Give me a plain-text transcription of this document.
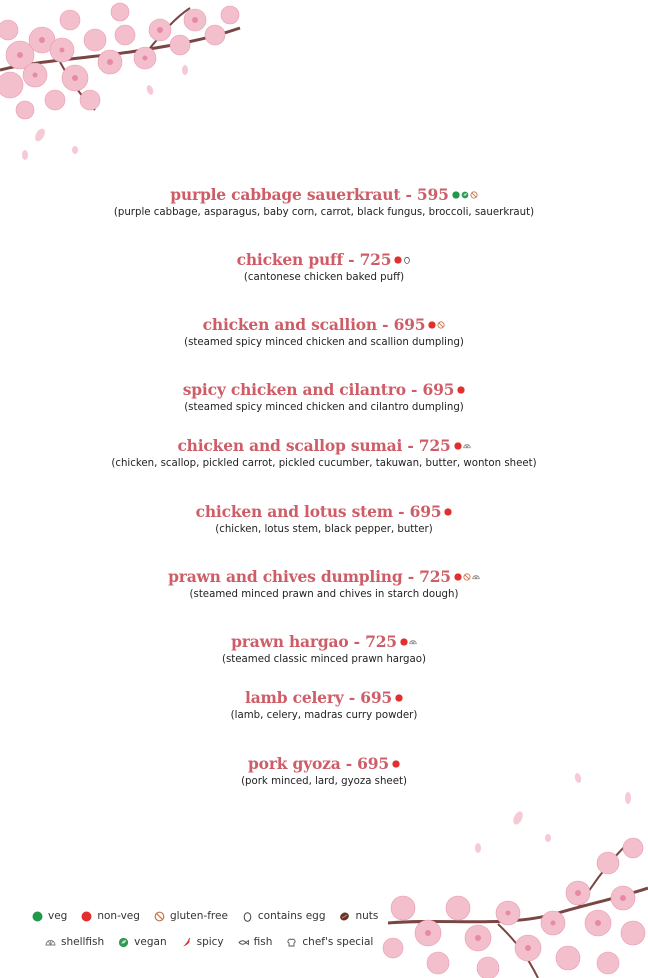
purple cabbage sauerkraut - 595
(purple cabbage, asparagus, baby corn, carrot, black fungus, broccoli, sauerkraut)
chicken puff - 725
(cantonese chicken baked puff)
chicken and scallion - 695
(steamed spicy minced chicken and scallion dumpling)
spicy chicken and cilantro - 695
(steamed spicy minced chicken and cilantro dumpling)
chicken and scallop sumai - 725
(chicken, scallop, pickled carrot, pickled cucumber, takuwan, butter, wonton sheet)
chicken and lotus stem - 695
(chicken, lotus stem, black pepper, butter)
prawn and chives dumpling - 725
(steamed minced prawn and chives in starch dough)
prawn hargao - 725
(steamed classic minced prawn hargao)
lamb celery - 695
(lamb, celery, madras curry powder)
pork gyoza - 695
(pork minced, lard, gyoza sheet)
veg	non-veg	gluten-free	contains egg	nuts
shellfish	vegan	spicy	fish	chef's special
